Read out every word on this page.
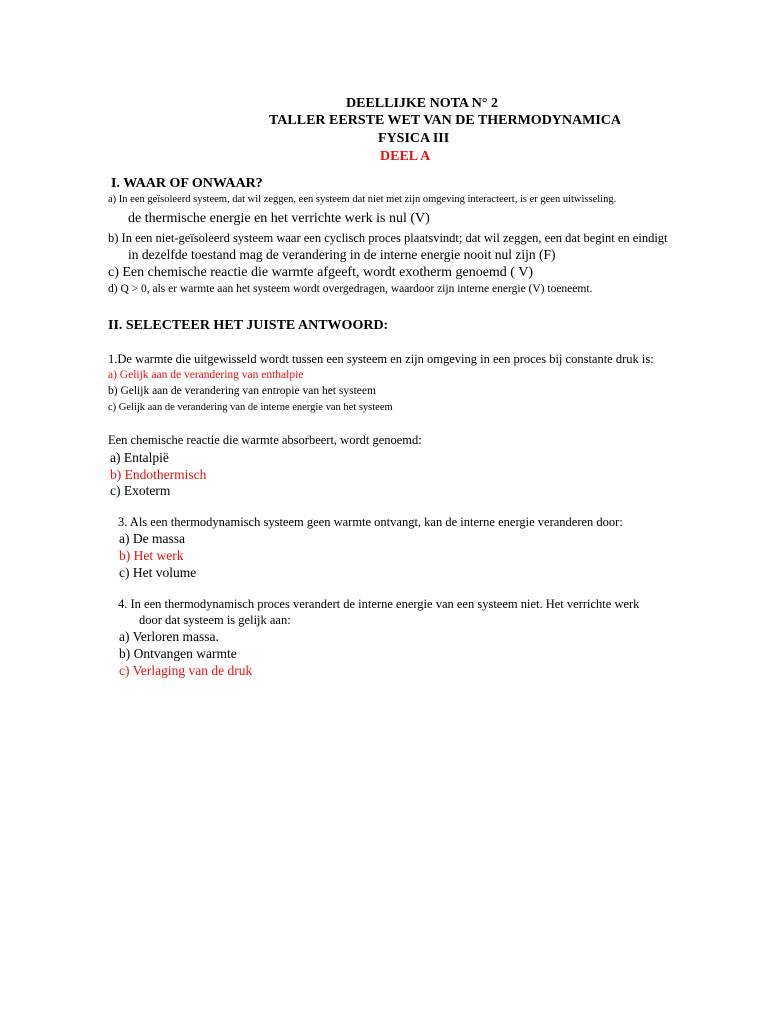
DEELLIJKE NOTA N° 2
TALLER EERSTE WET VAN DE THERMODYNAMICA
FYSICA III
DEEL A
I. WAAR OF ONWAAR?
a) In een geïsoleerd systeem, dat wil zeggen, een systeem dat niet met zijn omgeving interacteert, is er geen uitwisseling.
de thermische energie en het verrichte werk is nul (V)
b) In een niet-geïsoleerd systeem waar een cyclisch proces plaatsvindt; dat wil zeggen, een dat begint en eindigt
in dezelfde toestand mag de verandering in de interne energie nooit nul zijn (F)
c) Een chemische reactie die warmte afgeeft, wordt exotherm genoemd ( V)
d) Q > 0, als er warmte aan het systeem wordt overgedragen, waardoor zijn interne energie (V) toeneemt.
II. SELECTEER HET JUISTE ANTWOORD:
1.De warmte die uitgewisseld wordt tussen een systeem en zijn omgeving in een proces bij constante druk is:
a) Gelijk aan de verandering van enthalpie
b) Gelijk aan de verandering van entropie van het systeem
c) Gelijk aan de verandering van de interne energie van het systeem
Een chemische reactie die warmte absorbeert, wordt genoemd:
a) Entalpië
b) Endothermisch
c) Exoterm
3. Als een thermodynamisch systeem geen warmte ontvangt, kan de interne energie veranderen door:
a) De massa
b) Het werk
c) Het volume
4. In een thermodynamisch proces verandert de interne energie van een systeem niet. Het verrichte werk
door dat systeem is gelijk aan:
a) Verloren massa.
b) Ontvangen warmte
c) Verlaging van de druk
